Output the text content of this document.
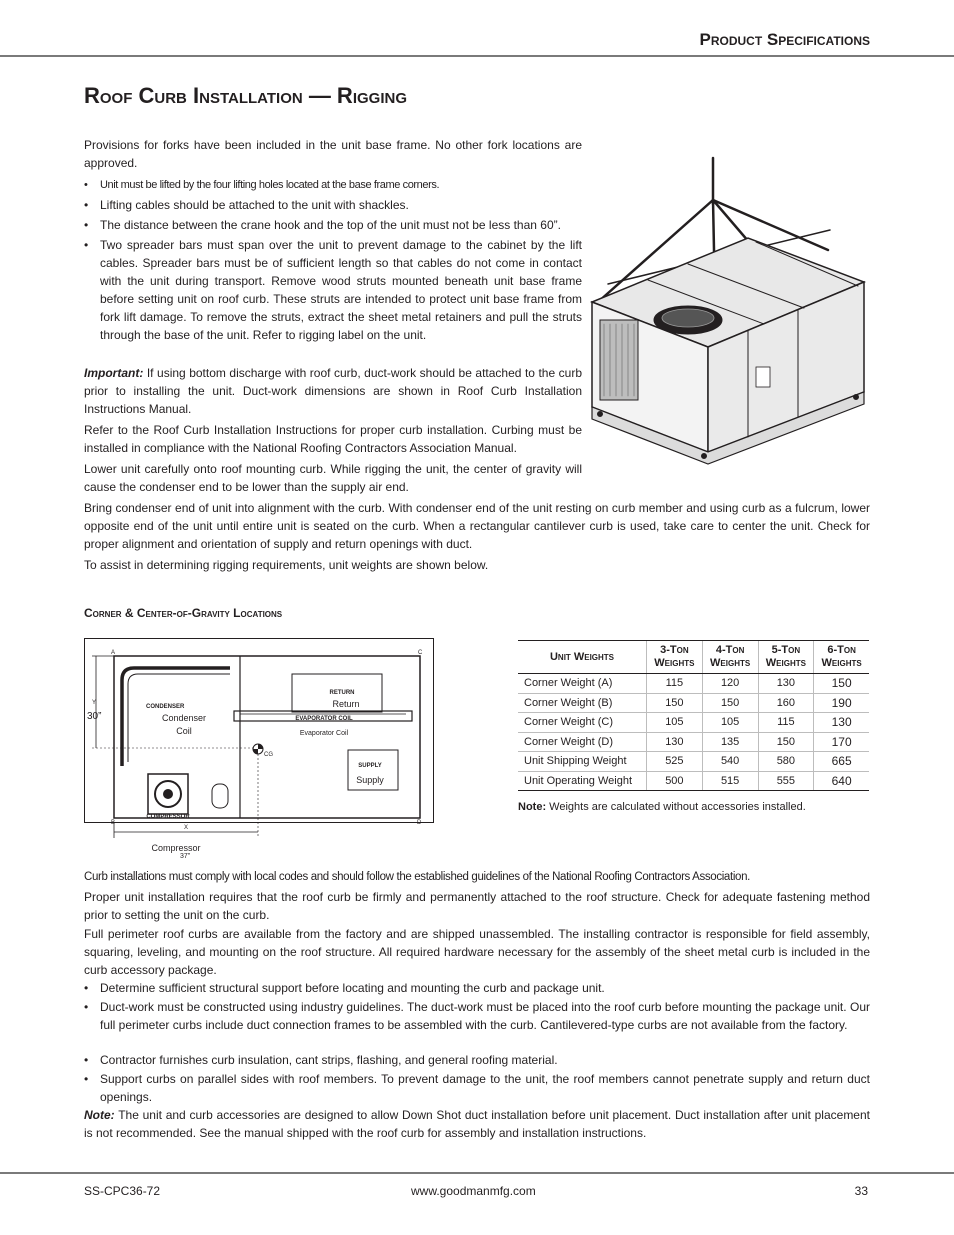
Product Specifications
Roof Curb Installation — Rigging

Provisions for forks have been included in the unit base frame. No other fork locations are approved.

•	Unit must be lifted by the four lifting holes located at the base frame corners.
• Lifting cables should be attached to the unit with shackles.
• The distance between the crane hook and the top of the unit must not be less than 60”.
• Two spreader bars must span over the unit to prevent damage to the cabinet by the lift cables. Spreader bars must be of sufficient length so that cables do not come in contact with the unit during transport. Remove wood struts mounted beneath unit base frame before setting unit on roof curb. These struts are intended to protect unit base frame from fork lift damage. To remove the struts, extract the sheet metal retainers and pull the struts through the base of the unit. Refer to rigging label on the unit.

Important: If using bottom discharge with roof curb, duct-work should be attached to the curb prior to installing the unit. Duct-work dimensions are shown in Roof Curb Installation Instructions Manual.

Refer to the Roof Curb Installation Instructions for proper curb installation. Curbing must be installed in compliance with the National Roofing Contractors Association Manual.

Lower unit carefully onto roof mounting curb. While rigging the unit, the center of gravity will cause the condenser end to be lower than the supply air end.

Bring condenser end of unit into alignment with the curb. With condenser end of the unit resting on curb member and using curb as a fulcrum, lower opposite end of the unit until entire unit is seated on the curb. When a rectangular cantilever curb is used, take care to center the unit. Check for proper alignment and orientation of supply and return openings with duct.

To assist in determining rigging requirements, unit weights are shown below.

Corner & Center-of-Gravity Locations
A
B
C
D
Y
X
30”
CONDENSER
Condenser
Coil
RETURN
Return
EVAPORATOR COIL
Evaporator Coil
SUPPLY
Supply
CG
COMPRESSOR
Compressor
37”
Unit Weights	3-Ton Weights	4-Ton Weights	5-Ton Weights	6-Ton Weights
Corner Weight (A)	115	120	130	150
Corner Weight (B)	150	150	160	190
Corner Weight (C)	105	105	115	130
Corner Weight (D)	130	135	150	170
Unit Shipping Weight	525	540	580	665
Unit Operating Weight	500	515	555	640
Note: Weights are calculated without accessories installed.

Curb installations must comply with local codes and should follow the established guidelines of the National Roofing Contractors Association.

Proper unit installation requires that the roof curb be firmly and permanently attached to the roof structure. Check for adequate fastening method prior to setting the unit on the curb.

Full perimeter roof curbs are available from the factory and are shipped unassembled. The installing contractor is responsible for field assembly, squaring, leveling, and mounting on the roof structure. All required hardware necessary for the assembly of the sheet metal curb is included in the curb accessory package.

• Determine sufficient structural support before locating and mounting the curb and package unit.
• Duct-work must be constructed using industry guidelines. The duct-work must be placed into the roof curb before mounting the package unit. Our full perimeter curbs include duct connection frames to be assembled with the curb. Cantilevered-type curbs are not available from the factory.
• Contractor furnishes curb insulation, cant strips, flashing, and general roofing material.
• Support curbs on parallel sides with roof members. To prevent damage to the unit, the roof members cannot penetrate supply and return duct openings.

Note: The unit and curb accessories are designed to allow Down Shot duct installation before unit placement. Duct installation after unit placement is not recommended. See the manual shipped with the roof curb for assembly and installation instructions.

SS-CPC36-72	www.goodmanmfg.com	33
